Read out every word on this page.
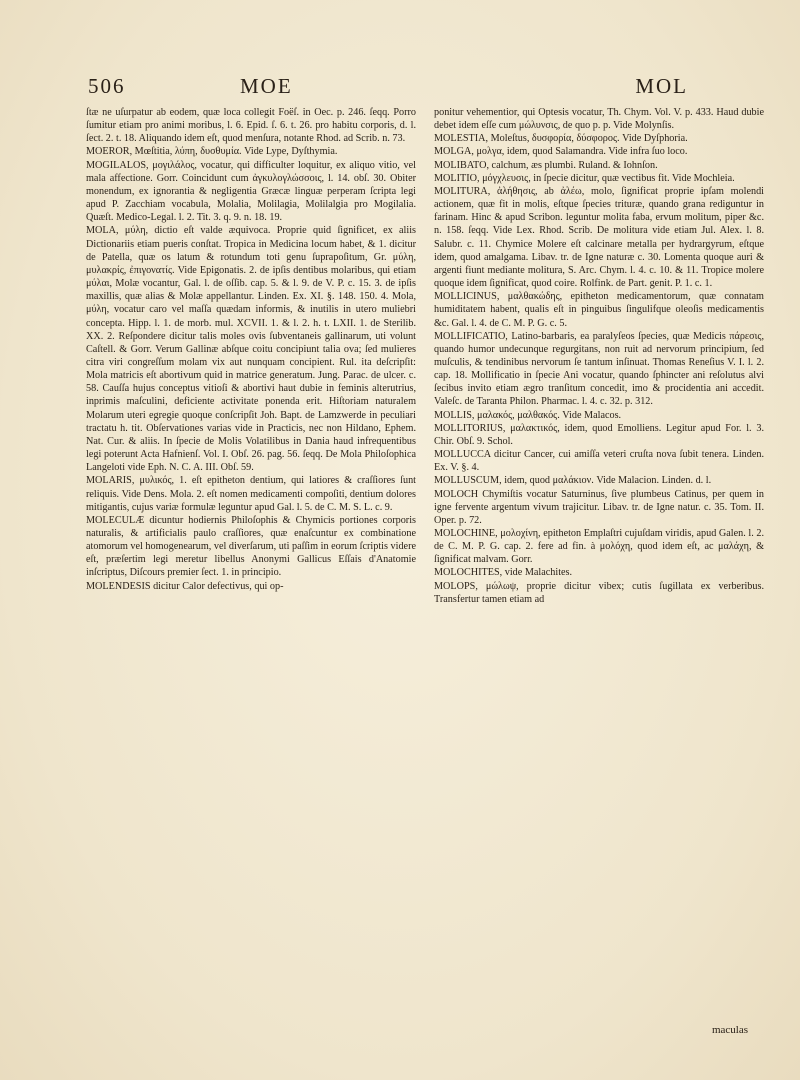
506	MOE	MOL

ſtæ ne uſurpatur ab eodem, quæ loca collegit Foëſ. in Oec. p. 246. ſeqq. Porro ſumitur etiam pro animi moribus, l. 6. Epid. ſ. 6. t. 26. pro habitu corporis, d. l. ſect. 2. t. 18. Aliquando idem eſt, quod menſura, notante Rhod. ad Scrib. n. 73.

MOEROR, Mœſtitia, λύπη, δυσθυμία. Vide Lype, Dyſthymia.

MOGILALOS, μογιλάλος, vocatur, qui difficulter loquitur, ex aliquo vitio, vel mala affectione. Gorr. Coincidunt cum ἀγκυλογλώσσοις, l. 14. obſ. 30. Obiter monendum, ex ignorantia & negligentia Græcæ linguæ perperam ſcripta legi apud P. Zacchiam vocabula, Molalia, Molilagia, Molilalgia pro Mogilalia. Quæſt. Medico-Legal. l. 2. Tit. 3. q. 9. n. 18. 19.

MOLA, μύλη, dictio eſt valde æquivoca. Proprie quid ſignificet, ex aliis Dictionariis etiam pueris conſtat. Tropica in Medicina locum habet, & 1. dicitur de Patella, quæ os latum & rotundum toti genu ſuprapoſitum, Gr. μύλη, μυλακρίς, ἐπιγονατίς. Vide Epigonatis. 2. de ipſis dentibus molaribus, qui etiam μύλαι, Molæ vocantur, Gal. l. de oſſib. cap. 5. & l. 9. de V. P. c. 15. 3. de ipſis maxillis, quæ alias & Molæ appellantur. Linden. Ex. XI. §. 148. 150. 4. Mola, μύλη, vocatur caro vel maſſa quædam informis, & inutilis in utero muliebri concepta. Hipp. l. 1. de morb. mul. XCVII. 1. & l. 2. h. t. LXII. 1. de Sterilib. XX. 2. Reſpondere dicitur talis moles ovis ſubventaneis gallinarum, uti volunt Caſtell. & Gorr. Verum Gallinæ abſque coitu concipiunt talia ova; ſed mulieres citra viri congreſſum molam vix aut nunquam concipient. Rul. ita deſcripſit: Mola matricis eſt abortivum quid in matrice generatum. Jung. Parac. de ulcer. c. 58. Cauſſa hujus conceptus vitioſi & abortivi haut dubie in feminis alterutrius, inprimis maſculini, deficiente activitate ponenda erit. Hiſtoriam naturalem Molarum uteri egregie quoque conſcripſit Joh. Bapt. de Lamzwerde in peculiari tractatu h. tit. Obſervationes varias vide in Practicis, nec non Hildano, Ephem. Nat. Cur. & aliis. In ſpecie de Molis Volatilibus in Dania haud infrequentibus legi poterunt Acta Hafnienſ. Vol. I. Obſ. 26. pag. 56. ſeqq. De Mola Philoſophica Langeloti vide Eph. N. C. A. III. Obſ. 59.

MOLARIS, μυλικός, 1. eſt epitheton dentium, qui latiores & craſſiores ſunt reliquis. Vide Dens. Mola. 2. eſt nomen medicamenti compoſiti, dentium dolores mitigantis, cujus variæ formulæ leguntur apud Gal. l. 5. de C. M. S. L. c. 9.

MOLECULÆ dicuntur hodiernis Philoſophis & Chymicis portiones corporis naturalis, & artificialis paulo craſſiores, quæ enaſcuntur ex combinatione atomorum vel homogenearum, vel diverſarum, uti paſſim in eorum ſcriptis videre eſt, præſertim legi meretur libellus Anonymi Gallicus Eſſais d'Anatomie inſcriptus, Diſcours premier ſect. 1. in principio.

MOLENDESIS dicitur Calor defectivus, qui op-

ponitur vehementior, qui Optesis vocatur, Th. Chym. Vol. V. p. 433. Haud dubie debet idem eſſe cum μώλυνσις, de quo p. p. Vide Molynſis.

MOLESTIA, Moleſtus, δυσφορία, δύσφορος. Vide Dyſphoria.

MOLGA, μολγα, idem, quod Salamandra. Vide infra ſuo loco.

MOLIBATO, calchum, æs plumbi. Ruland. & Iohnſon.

MOLITIO, μόγχλευσις, in ſpecie dicitur, quæ vectibus fit. Vide Mochleia.

MOLITURA, ἀλήθησις, ab ἀλέω, molo, ſignificat proprie ipſam molendi actionem, quæ fit in molis, eſtque ſpecies trituræ, quando grana rediguntur in farinam. Hinc & apud Scribon. leguntur molita faba, ervum molitum, piper &c. n. 158. ſeqq. Vide Lex. Rhod. Scrib. De molitura vide etiam Jul. Alex. l. 8. Salubr. c. 11. Chymice Molere eſt calcinare metalla per hydrargyrum, eſtque idem, quod amalgama. Libav. tr. de Igne naturæ c. 30. Lomenta quoque auri & argenti fiunt mediante molitura, S. Arc. Chym. l. 4. c. 10. & 11. Tropice molere quoque idem ſignificat, quod coire. Rolfink. de Part. genit. P. 1. c. 1.

MOLLICINUS, μαλθακώδης, epitheton medicamentorum, quæ connatam humiditatem habent, qualis eſt in pinguibus ſingulifque oleoſis medicamentis &c. Gal. l. 4. de C. M. P. G. c. 5.

MOLLIFICATIO, Latino-barbaris, ea paralyſeos ſpecies, quæ Medicis πάρεσις, quando humor undecunque regurgitans, non ruit ad nervorum principium, ſed muſculis, & tendinibus nervorum ſe tantum inſinuat. Thomas Reneſius V. I. l. 2. cap. 18. Mollificatio in ſpecie Ani vocatur, quando ſphincter ani reſolutus alvi ſecibus invito etiam ægro tranſitum concedit, imo & procidentia ani accedit. Valeſc. de Taranta Philon. Pharmac. l. 4. c. 32. p. 312.

MOLLIS, μαλακός, μαλθακός. Vide Malacos.

MOLLITORIUS, μαλακτικός, idem, quod Emolliens. Legitur apud For. l. 3. Chir. Obſ. 9. Schol.

MOLLUCCA dicitur Cancer, cui amiſſa veteri cruſta nova ſubit tenera. Linden. Ex. V. §. 4.

MOLLUSCUM, idem, quod μαλάκιον. Vide Malacion. Linden. d. l.

MOLOCH Chymiſtis vocatur Saturninus, ſive plumbeus Catinus, per quem in igne fervente argentum vivum trajicitur. Libav. tr. de Igne natur. c. 35. Tom. II. Oper. p. 72.

MOLOCHINE, μολοχίνη, epitheton Emplaſtri cujuſdam viridis, apud Galen. l. 2. de C. M. P. G. cap. 2. fere ad fin. à μολόχη, quod idem eſt, ac μαλάχη, & ſignificat malvam. Gorr.

MOLOCHITES, vide Malachites.

MOLOPS, μώλωψ, proprie dicitur vibex; cutis ſugillata ex verberibus. Transfertur tamen etiam ad

maculas
